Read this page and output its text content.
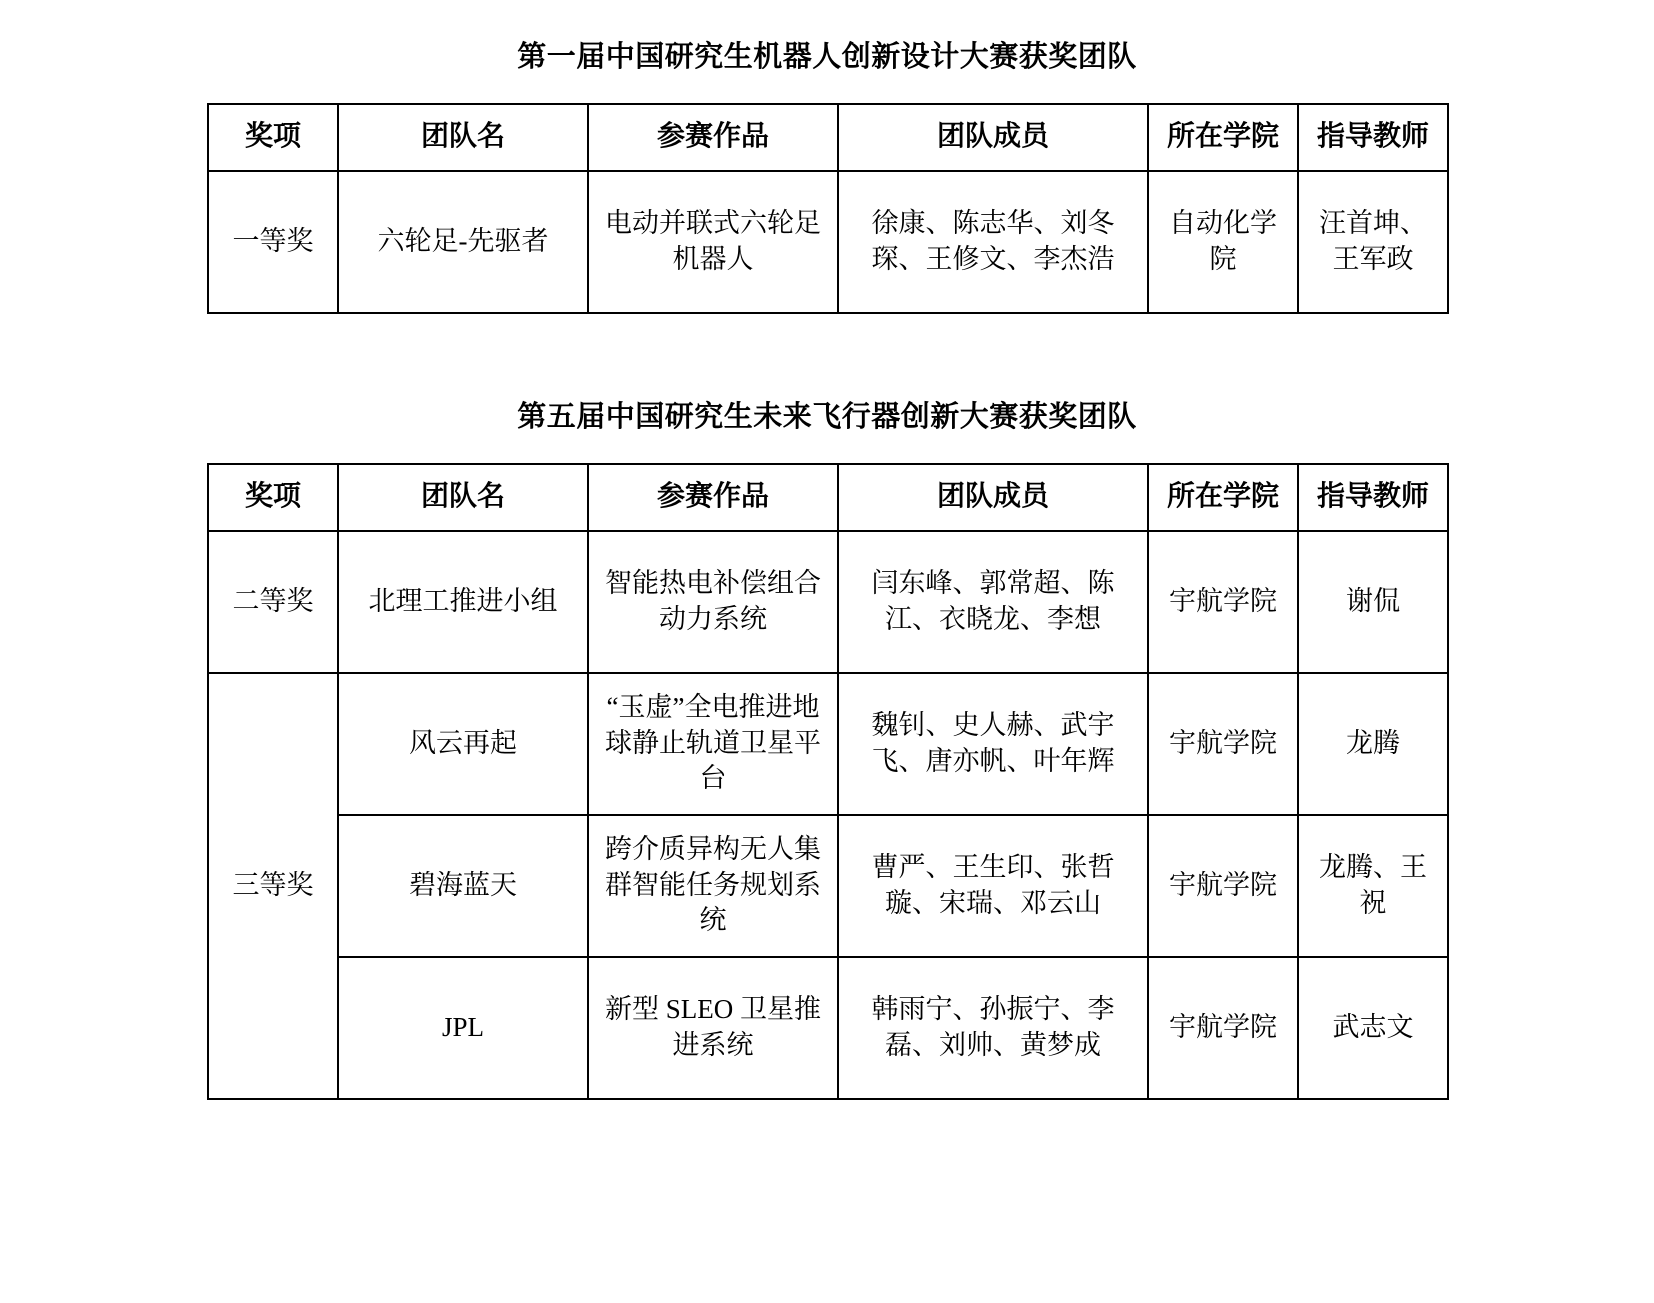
第一届中国研究生机器人创新设计大赛获奖团队
奖项	团队名	参赛作品	团队成员	所在学院	指导教师
一等奖	六轮足-先驱者	电动并联式六轮足机器人	徐康、陈志华、刘冬琛、王修文、李杰浩	自动化学院	汪首坤、王军政
第五届中国研究生未来飞行器创新大赛获奖团队
奖项	团队名	参赛作品	团队成员	所在学院	指导教师
二等奖	北理工推进小组	智能热电补偿组合动力系统	闫东峰、郭常超、陈江、衣晓龙、李想	宇航学院	谢侃
三等奖	风云再起	“玉虚”全电推进地球静止轨道卫星平台	魏钊、史人赫、武宇飞、唐亦帆、叶年辉	宇航学院	龙腾
	碧海蓝天	跨介质异构无人集群智能任务规划系统	曹严、王生印、张哲璇、宋瑞、邓云山	宇航学院	龙腾、王祝
	JPL	新型 SLEO 卫星推进系统	韩雨宁、孙振宁、李磊、刘帅、黄梦成	宇航学院	武志文
